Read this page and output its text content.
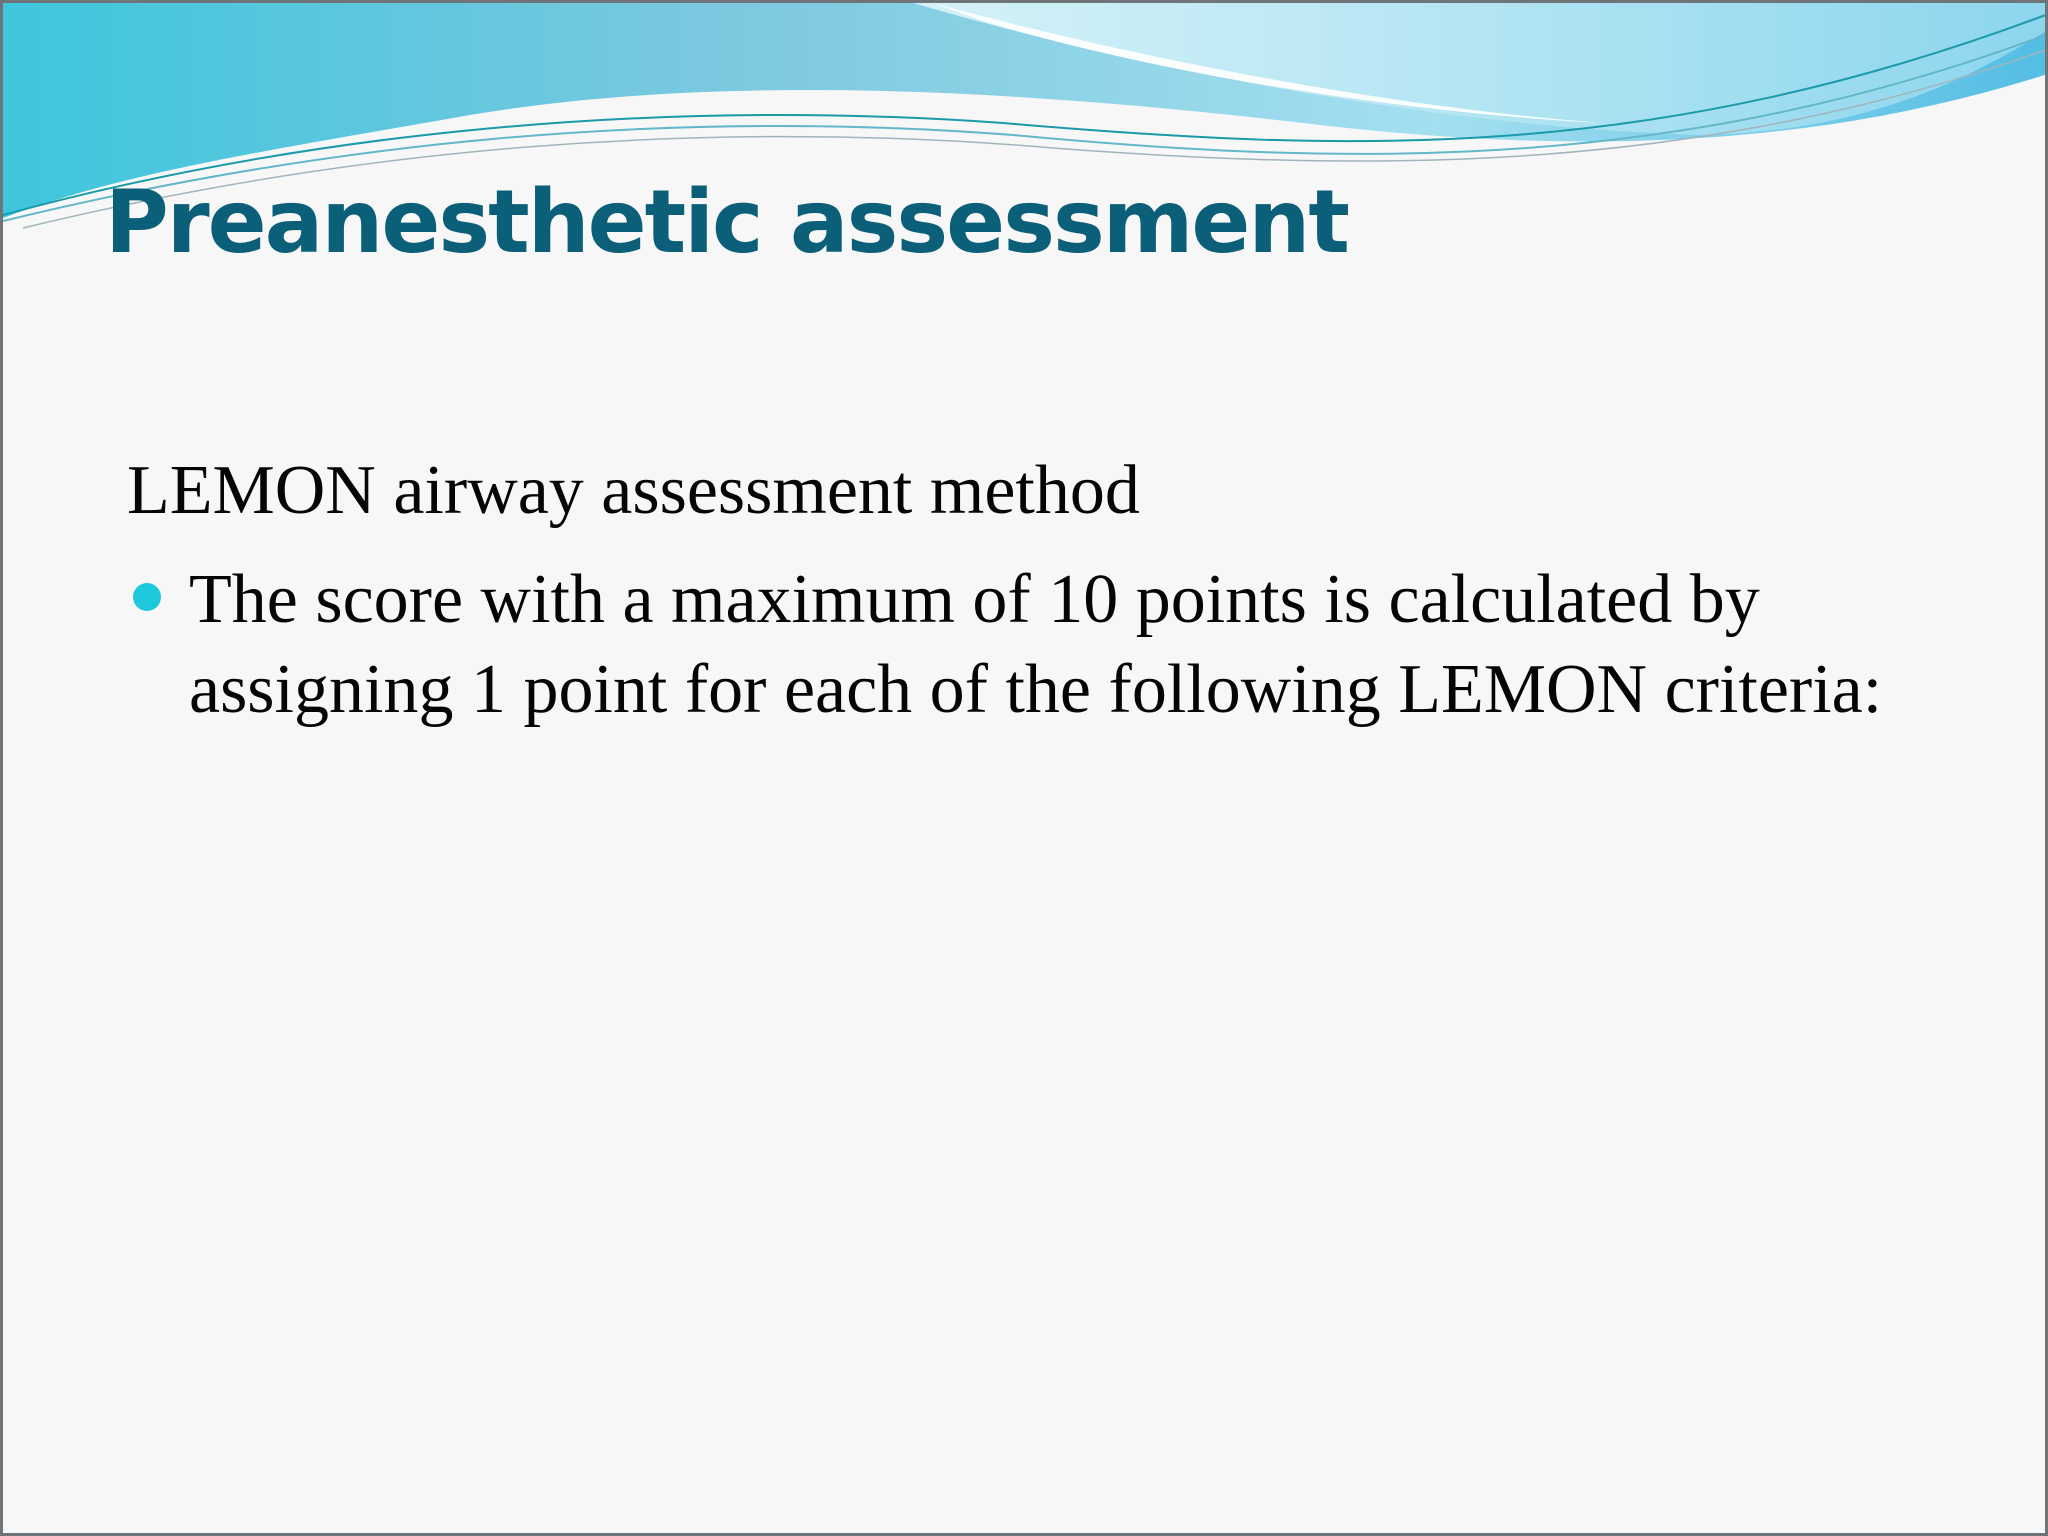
Preanesthetic assessment
LEMON airway assessment method
The score with a maximum of 10 points is calculated by assigning 1 point for each of the following LEMON criteria:
